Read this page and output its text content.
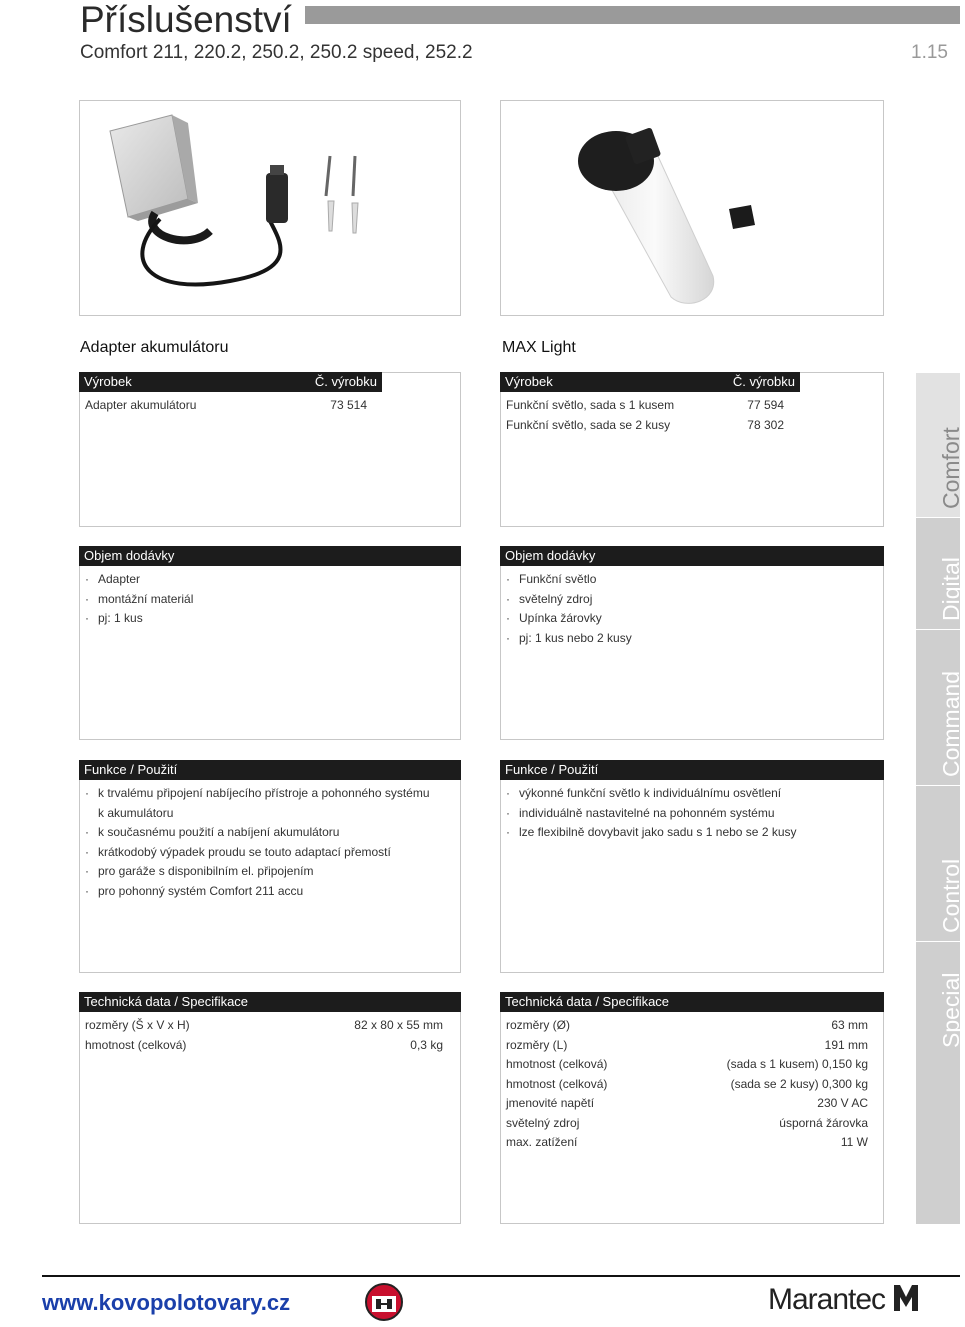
Příslušenství
Comfort 211, 220.2, 250.2, 250.2 speed, 252.2	1.15
Adapter akumulátoru
Výrobek	Č. výrobku
Adapter akumulátoru	73 514
Objem dodávky
· Adapter
· montážní materiál
· pj: 1 kus
Funkce / Použití
· k trvalému připojení nabíjecího přístroje a pohonného systému
k akumulátoru
· k současnému použití a nabíjení akumulátoru
· krátkodobý výpadek proudu se touto adaptací přemostí
· pro garáže s disponibilním el. připojením
· pro pohonný systém Comfort 211 accu
Technická data / Specifikace
rozměry (Š x V x H)	82 x 80 x 55 mm
hmotnost (celková)	0,3 kg
MAX Light
Výrobek	Č. výrobku
Funkční světlo, sada s 1 kusem	77 594
Funkční světlo, sada se 2 kusy	78 302
Objem dodávky
· Funkční světlo
· světelný zdroj
· Upínka žárovky
· pj: 1 kus nebo 2 kusy
Funkce / Použití
· výkonné funkční světlo k individuálnímu osvětlení
· individuálně nastavitelné na pohonném systému
· lze flexibilně dovybavit jako sadu s 1 nebo se 2 kusy
Technická data / Specifikace
rozměry (Ø)	63 mm
rozměry (L)	191 mm
hmotnost (celková)	(sada s 1 kusem) 0,150 kg
hmotnost (celková)	(sada se 2 kusy) 0,300 kg
jmenovité napětí	230 V AC
světelný zdroj	úsporná žárovka
max. zatížení	11 W
Comfort
Digital
Command
Control
Special
www.kovopolotovary.cz	Marantec
